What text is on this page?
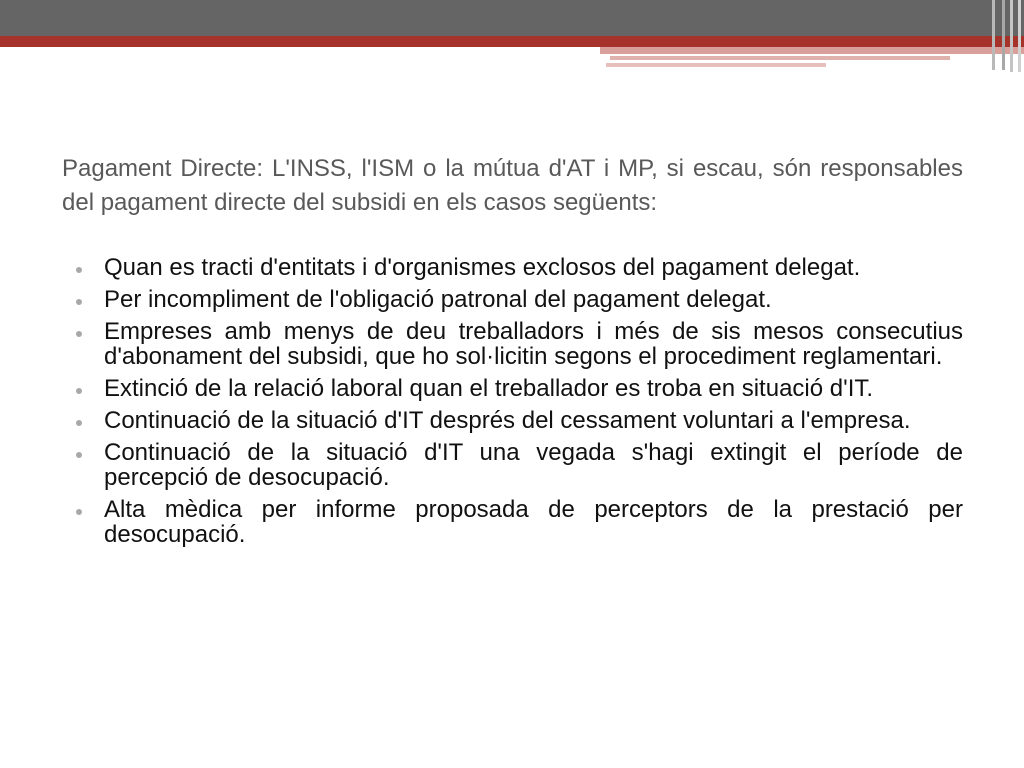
Pagament Directe: L'INSS, l'ISM o la mútua d'AT i MP, si escau, són responsables del pagament directe del subsidi en els casos següents:
Quan es tracti d'entitats i d'organismes exclosos del pagament delegat.
Per incompliment de l'obligació patronal del pagament delegat.
Empreses amb menys de deu treballadors i més de sis mesos consecutius d'abonament del subsidi, que ho sol·licitin segons el procediment reglamentari.
Extinció de la relació laboral quan el treballador es troba en situació d'IT.
Continuació de la situació d'IT després del cessament voluntari a l'empresa.
Continuació de la situació d'IT una vegada s'hagi extingit el període de percepció de desocupació.
Alta mèdica per informe proposada de perceptors de la prestació per desocupació.
